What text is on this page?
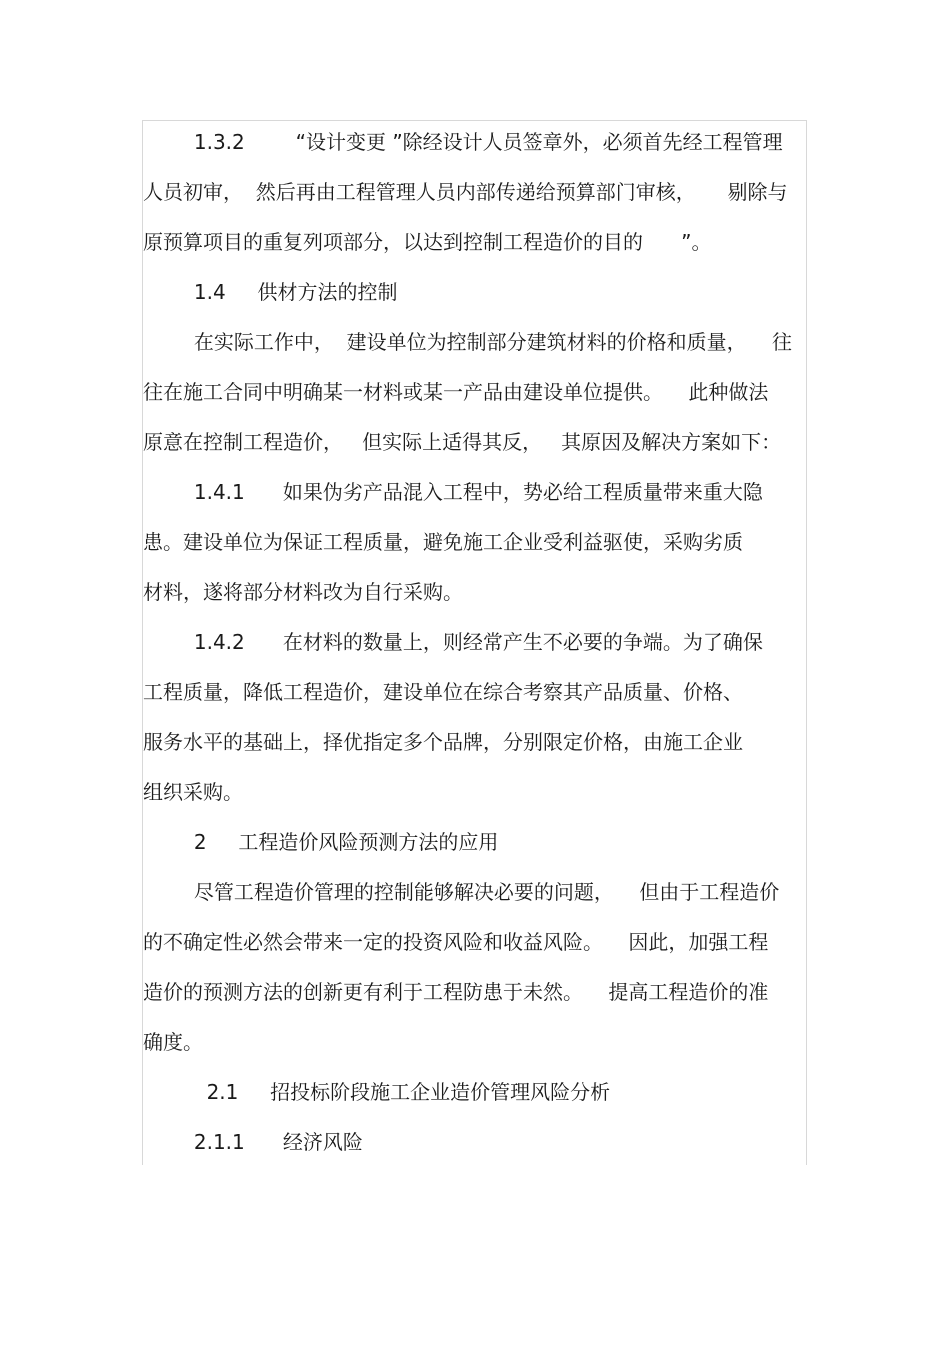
1.3.2        “设计变更 ”除经设计人员签章外，必须首先经工程管理
人员初审，  然后再由工程管理人员内部传递给预算部门审核，     剔除与
原预算项目的重复列项部分，以达到控制工程造价的目的      ”。
1.4     供材方法的控制
在实际工作中，  建设单位为控制部分建筑材料的价格和质量，    往
往在施工合同中明确某一材料或某一产品由建设单位提供。    此种做法
原意在控制工程造价，   但实际上适得其反，   其原因及解决方案如下：
1.4.1      如果伪劣产品混入工程中，势必给工程质量带来重大隐
患。建设单位为保证工程质量，避免施工企业受利益驱使，采购劣质
材料，遂将部分材料改为自行采购。
1.4.2      在材料的数量上，则经常产生不必要的争端。为了确保
工程质量，降低工程造价，建设单位在综合考察其产品质量、价格、
服务水平的基础上，择优指定多个品牌，分别限定价格，由施工企业
组织采购。
2     工程造价风险预测方法的应用
尽管工程造价管理的控制能够解决必要的问题，    但由于工程造价
的不确定性必然会带来一定的投资风险和收益风险。    因此，加强工程
造价的预测方法的创新更有利于工程防患于未然。    提高工程造价的准
确度。
2.1     招投标阶段施工企业造价管理风险分析
2.1.1      经济风险
